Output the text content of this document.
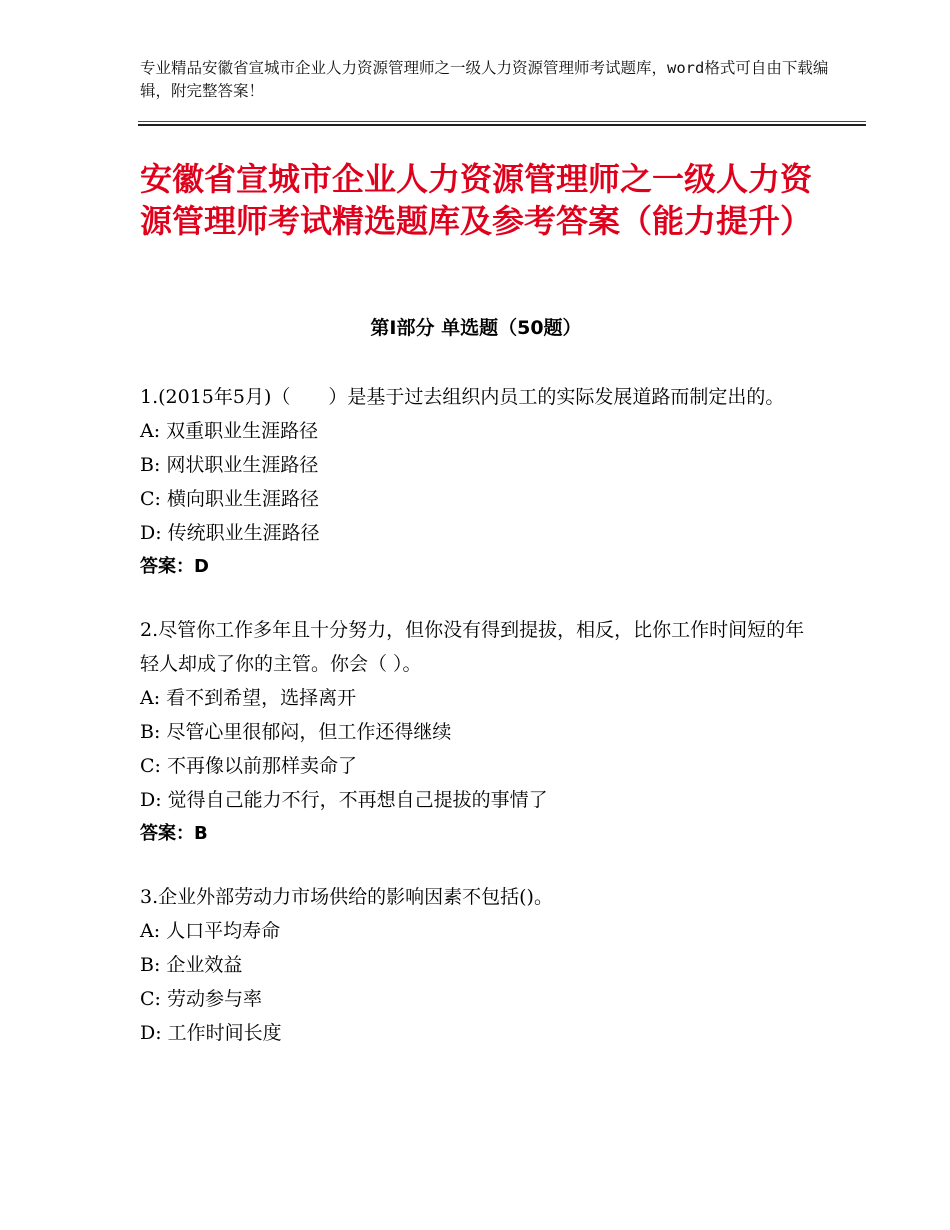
专业精品安徽省宣城市企业人力资源管理师之一级人力资源管理师考试题库，word格式可自由下载编辑，附完整答案！
安徽省宣城市企业人力资源管理师之一级人力资源管理师考试精选题库及参考答案（能力提升）
第Ⅰ部分 单选题（50题）

1.(2015年5月)（　　）是基于过去组织内员工的实际发展道路而制定出的。

A: 双重职业生涯路径

B: 网状职业生涯路径

C: 横向职业生涯路径

D: 传统职业生涯路径

答案：D

2.尽管你工作多年且十分努力，但你没有得到提拔，相反，比你工作时间短的年轻人却成了你的主管。你会（ ）。

A: 看不到希望，选择离开

B: 尽管心里很郁闷，但工作还得继续

C: 不再像以前那样卖命了

D: 觉得自己能力不行，不再想自己提拔的事情了

答案：B

3.企业外部劳动力市场供给的影响因素不包括()。

A: 人口平均寿命

B: 企业效益

C: 劳动参与率

D: 工作时间长度
